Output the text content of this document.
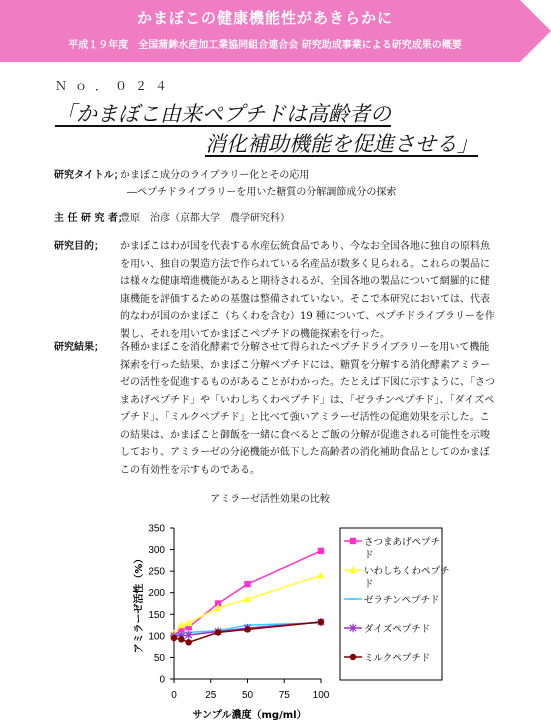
かまぼこの健康機能性があきらかに
平成１９年度　全国蒲鉾水産加工業協同組合連合会 研究助成事業による研究成果の概要
Ｎｏ．０２４
「かまぼこ由来ペプチドは高齢者の
消化補助機能を促進させる」
研究タイトル；
かまぼこ成分のライブラリー化とその応用
―ペプチドライブラリーを用いた糖質の分解調節成分の探索
主 任 研 究 者；
豊原　治彦（京都大学　農学研究科）
研究目的； かまぼこはわが国を代表する水産伝統食品であり、今なお全国各地に独自の原料魚
を用い、独自の製造方法で作られている名産品が数多く見られる。これらの製品に
は様々な健康増進機能があると期待されるが、全国各地の製品について網羅的に健
康機能を評価するための基盤は整備されていない。そこで本研究においては、代表
的なわが国のかまぼこ（ちくわを含む）19 種について、ペプチドライブラリーを作
製し、それを用いてかまぼこペプチドの機能探索を行った。
研究結果； 各種かまぼこを消化酵素で分解させて得られたペプチドライブラリーを用いて機能
探索を行った結果、かまぼこ分解ペプチドには、糖質を分解する消化酵素アミラー
ゼの活性を促進するものがあることがわかった。たとえば下図に示すように、「さつ
まあげペプチド」や「いわしちくわペプチド」は、「ゼラチンペプチド」、「ダイズペ
プチド」、「ミルクペプチド」と比べて強いアミラーゼ活性の促進効果を示した。こ
の結果は、かまぼこと御飯を一緒に食べるとご飯の分解が促進される可能性を示唆
しており、アミラーゼの分泌機能が低下した高齢者の消化補助食品としてのかまぼ
この有効性を示すものである。
アミラーゼ活性効果の比較
0
50
100
150
200
250
300
350
0	25	50	75 100
サンプル濃度（mg/ml）
アミラーゼ活性（%）
さつまあげペプチ
ド
いわしちくわペプチ
ド
ゼラチンペプチド
ダイズペプチド
ミルクペプチド
